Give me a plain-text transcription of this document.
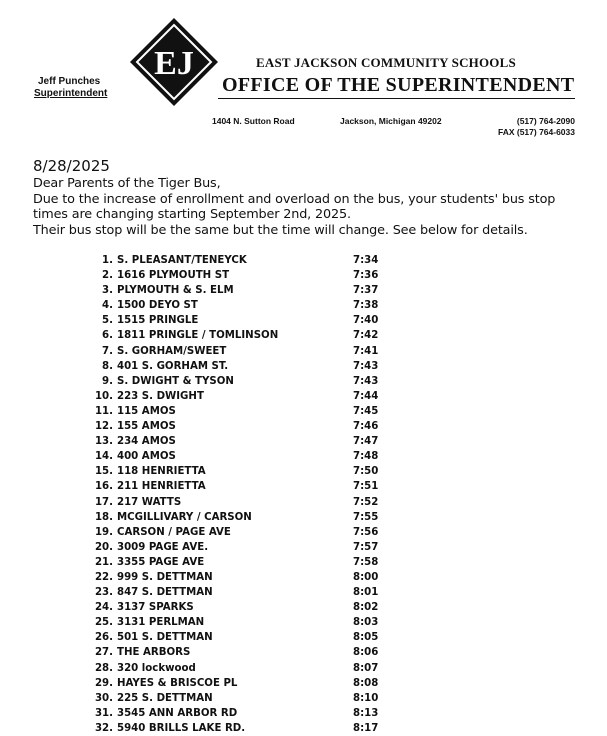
Jeff Punches
Superintendent
EJ	EAST JACKSON COMMUNITY SCHOOLS
OFFICE OF THE SUPERINTENDENT
1404 N. Sutton Road	Jackson, Michigan 49202	(517) 764-2090
FAX (517) 764-6033

8/28/2025

Dear Parents of the Tiger Bus,

Due to the increase of enrollment and overload on the bus, your students' bus stop

times are changing starting September 2nd, 2025.

Their bus stop will be the same but the time will change. See below for details.

1. S. PLEASANT/TENEYCK	7:34
2. 1616 PLYMOUTH ST	7:36
3. PLYMOUTH & S. ELM	7:37
4. 1500 DEYO ST	7:38
5. 1515 PRINGLE	7:40
6. 1811 PRINGLE / TOMLINSON	7:42
7. S. GORHAM/SWEET	7:41
8. 401 S. GORHAM ST.	7:43
9. S. DWIGHT & TYSON	7:43
10. 223 S. DWIGHT	7:44
11. 115 AMOS	7:45
12. 155 AMOS	7:46
13. 234 AMOS	7:47
14. 400 AMOS	7:48
15. 118 HENRIETTA	7:50
16. 211 HENRIETTA	7:51
17. 217 WATTS	7:52
18. MCGILLIVARY / CARSON	7:55
19. CARSON / PAGE AVE	7:56
20. 3009 PAGE AVE.	7:57
21. 3355 PAGE AVE	7:58
22. 999 S. DETTMAN	8:00
23. 847 S. DETTMAN	8:01
24. 3137 SPARKS	8:02
25. 3131 PERLMAN	8:03
26. 501 S. DETTMAN	8:05
27. THE ARBORS	8:06
28. 320 lockwood	8:07
29. HAYES & BRISCOE PL	8:08
30. 225 S. DETTMAN	8:10
31. 3545 ANN ARBOR RD	8:13
32. 5940 BRILLS LAKE RD.	8:17
